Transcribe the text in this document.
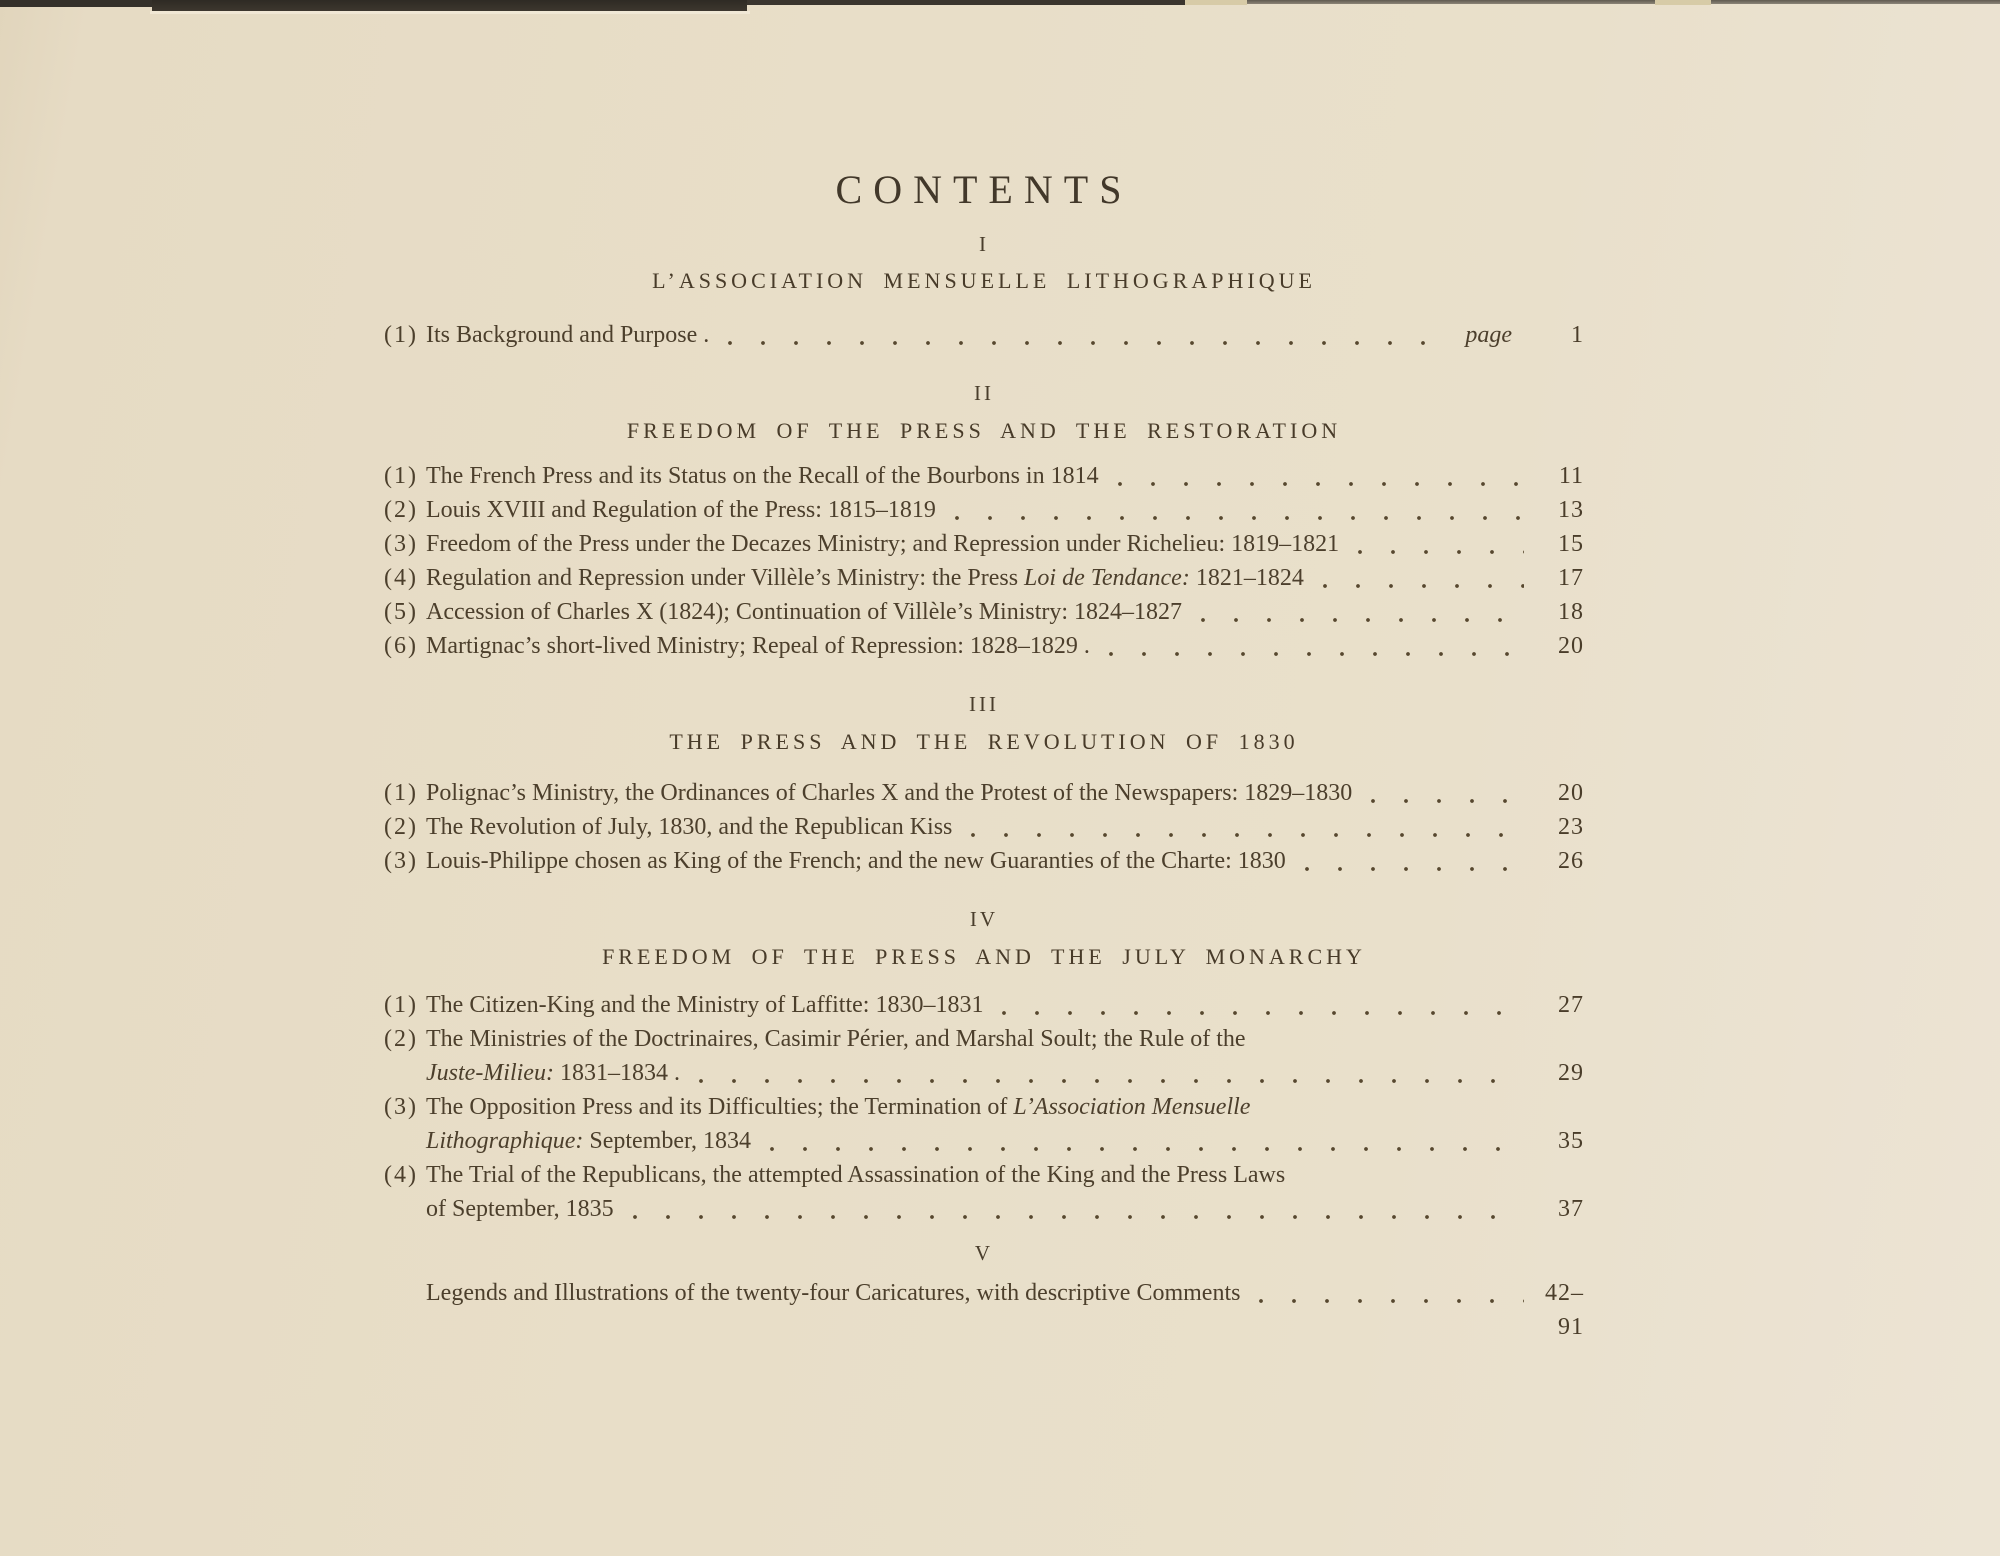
CONTENTS
I
L’ASSOCIATION MENSUELLE LITHOGRAPHIQUE
(1) Its Background and Purpose .	page	1
II
FREEDOM OF THE PRESS AND THE RESTORATION
(1) The French Press and its Status on the Recall of the Bourbons in 1814	11
(2) Louis XVIII and Regulation of the Press: 1815–1819	13
(3) Freedom of the Press under the Decazes Ministry; and Repression under Richelieu: 1819–1821	15
(4) Regulation and Repression under Villèle’s Ministry: the Press Loi de Tendance: 1821–1824	17
(5) Accession of Charles X (1824); Continuation of Villèle’s Ministry: 1824–1827	18
(6) Martignac’s short-lived Ministry; Repeal of Repression: 1828–1829 .	20
III
THE PRESS AND THE REVOLUTION OF 1830
(1) Polignac’s Ministry, the Ordinances of Charles X and the Protest of the Newspapers: 1829–1830	20
(2) The Revolution of July, 1830, and the Republican Kiss	23
(3) Louis-Philippe chosen as King of the French; and the new Guaranties of the Charte: 1830	26
IV
FREEDOM OF THE PRESS AND THE JULY MONARCHY
(1) The Citizen-King and the Ministry of Laffitte: 1830–1831	27
(2) The Ministries of the Doctrinaires, Casimir Périer, and Marshal Soult; the Rule of the
Juste-Milieu: 1831–1834 .	29
(3) The Opposition Press and its Difficulties; the Termination of L’Association Mensuelle
Lithographique: September, 1834	35
(4) The Trial of the Republicans, the attempted Assassination of the King and the Press Laws
of September, 1835	37
V
Legends and Illustrations of the twenty-four Caricatures, with descriptive Comments	42–91
